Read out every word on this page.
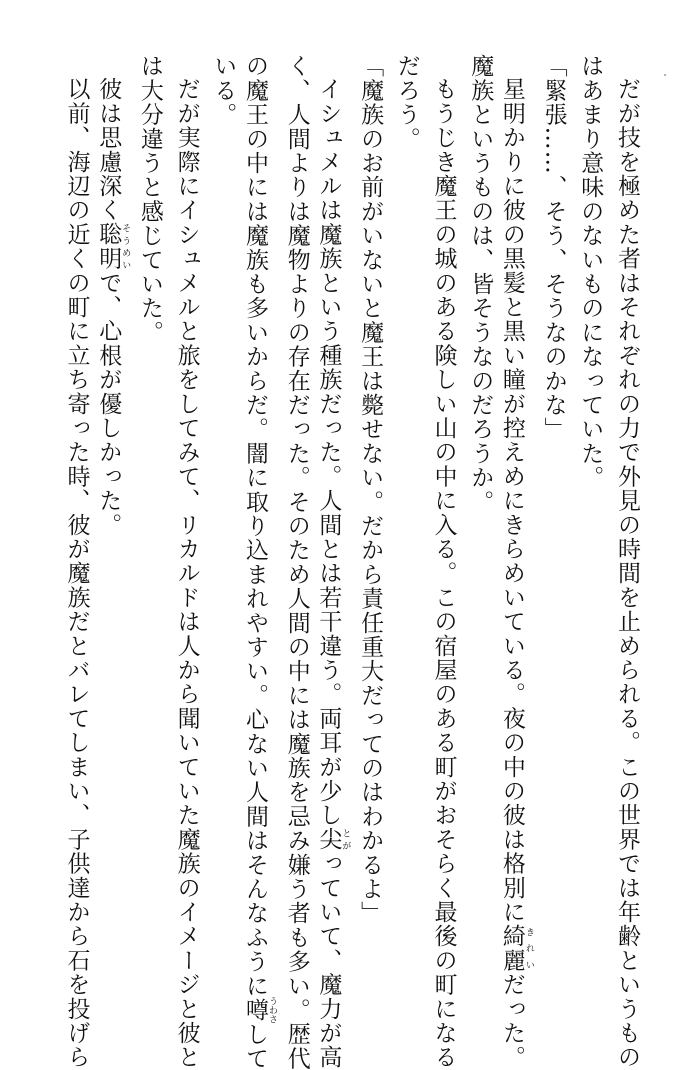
だが技を極めた者はそれぞれの力で外見の時間を止められる。この世界では年齢というもの
はあまり意味のないものになっていた。
「緊張……、そう、そうなのかな」
星明かりに彼の黒髪と黒い瞳が控えめにきらめいている。夜の中の彼は格別に綺麗 きれいだった。
魔族というものは、皆そうなのだろうか。
もうじき魔王の城のある険しい山の中に入る。この宿屋のある町がおそらく最後の町になる
だろう。
「魔族のお前がいないと魔王は斃せない。だから責任重大だってのはわかるよ」
イシュメルは魔族という種族だった。人間とは若干違う。両耳が少し尖 とがっていて、魔力が高
く、人間よりは魔物よりの存在だった。そのため人間の中には魔族を忌み嫌う者も多い。歴代
の魔王の中には魔族も多いからだ。闇に取り込まれやすい。心ない人間はそんなふうに噂 うわさして
いる。
だが実際にイシュメルと旅をしてみて、リカルドは人から聞いていた魔族のイメージと彼と
は大分違うと感じていた。
彼は思慮深く聡明 そうめいで、心根が優しかった。
以前、海辺の近くの町に立ち寄った時、彼が魔族だとバレてしまい、子供達から石を投げら
